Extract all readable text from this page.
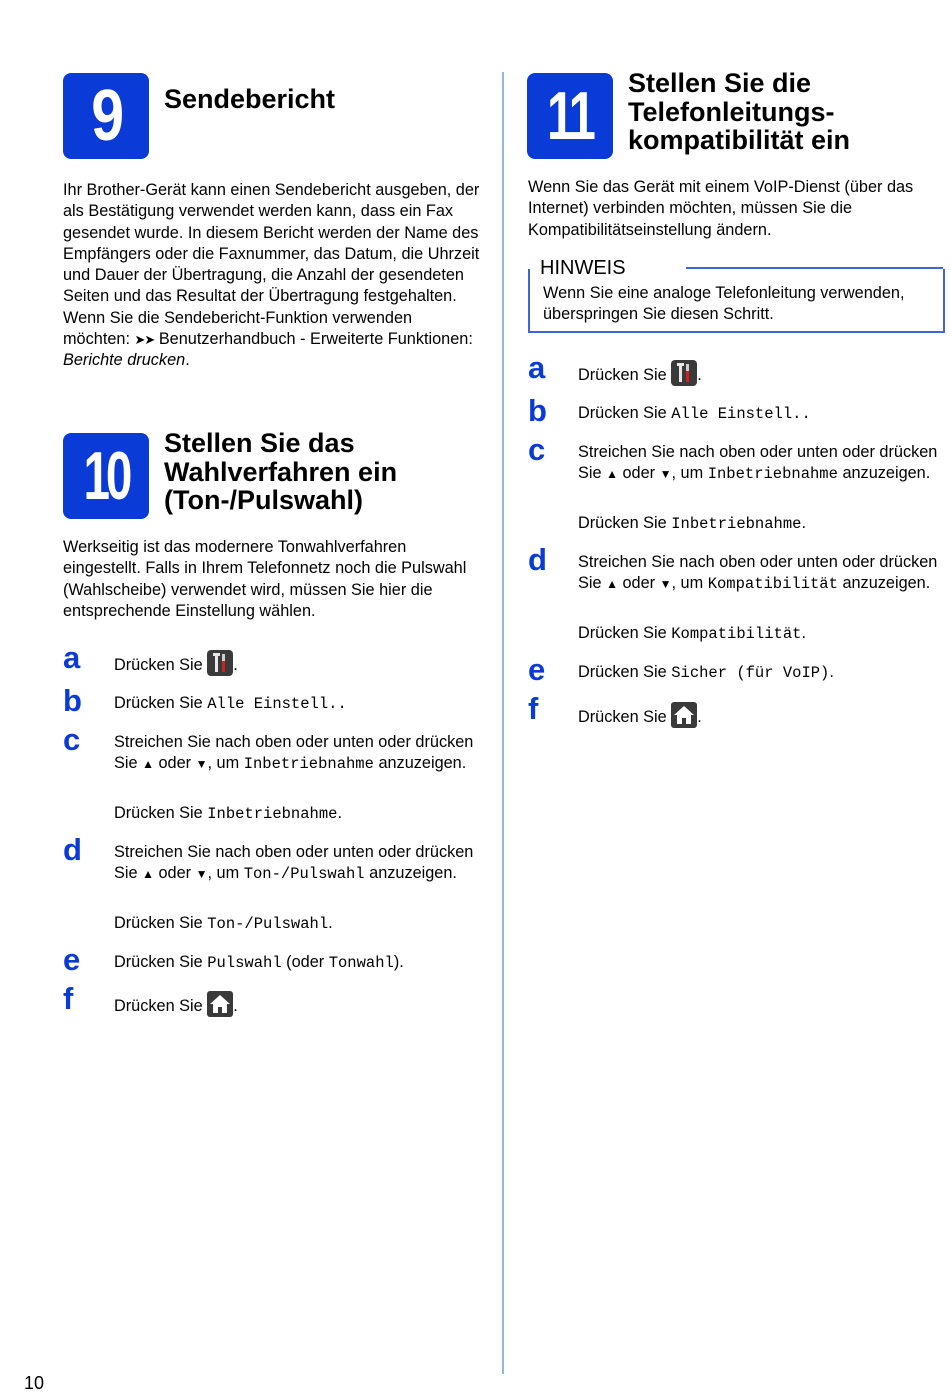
9 Sendebericht

Ihr Brother-Gerät kann einen Sendebericht ausgeben, der als Bestätigung verwendet werden kann, dass ein Fax gesendet wurde. In diesem Bericht werden der Name des Empfängers oder die Faxnummer, das Datum, die Uhrzeit und Dauer der Übertragung, die Anzahl der gesendeten Seiten und das Resultat der Übertragung festgehalten. Wenn Sie die Sendebericht-Funktion verwenden möchten: ➤➤ Benutzerhandbuch - Erweiterte Funktionen: Berichte drucken.

10 Stellen Sie das
Wahlverfahren ein
(Ton-/Pulswahl)

Werkseitig ist das modernere Tonwahlverfahren eingestellt. Falls in Ihrem Telefonnetz noch die Pulswahl (Wahlscheibe) verwendet wird, müssen Sie hier die entsprechende Einstellung wählen.

a	Drücken Sie
.

b	Drücken Sie Alle Einstell..

c	Streichen Sie nach oben oder unten oder drücken Sie ▲ oder ▼, um Inbetriebnahme anzuzeigen.

Drücken Sie Inbetriebnahme.

d	Streichen Sie nach oben oder unten oder drücken Sie ▲ oder ▼, um Ton-/Pulswahl anzuzeigen.

Drücken Sie Ton-/Pulswahl.

e	Drücken Sie Pulswahl (oder Tonwahl).

f	Drücken Sie
.

11 Stellen Sie die
Telefonleitungs-
kompatibilität ein

Wenn Sie das Gerät mit einem VoIP-Dienst (über das Internet) verbinden möchten, müssen Sie die Kompatibilitätseinstellung ändern.

HINWEIS

Wenn Sie eine analoge Telefonleitung verwenden, überspringen Sie diesen Schritt.

a	Drücken Sie
.

b	Drücken Sie Alle Einstell..

c	Streichen Sie nach oben oder unten oder drücken Sie ▲ oder ▼, um Inbetriebnahme anzuzeigen.

Drücken Sie Inbetriebnahme.

d	Streichen Sie nach oben oder unten oder drücken Sie ▲ oder ▼, um Kompatibilität anzuzeigen.

Drücken Sie Kompatibilität.

e	Drücken Sie Sicher (für VoIP).

f	Drücken Sie
.

10
